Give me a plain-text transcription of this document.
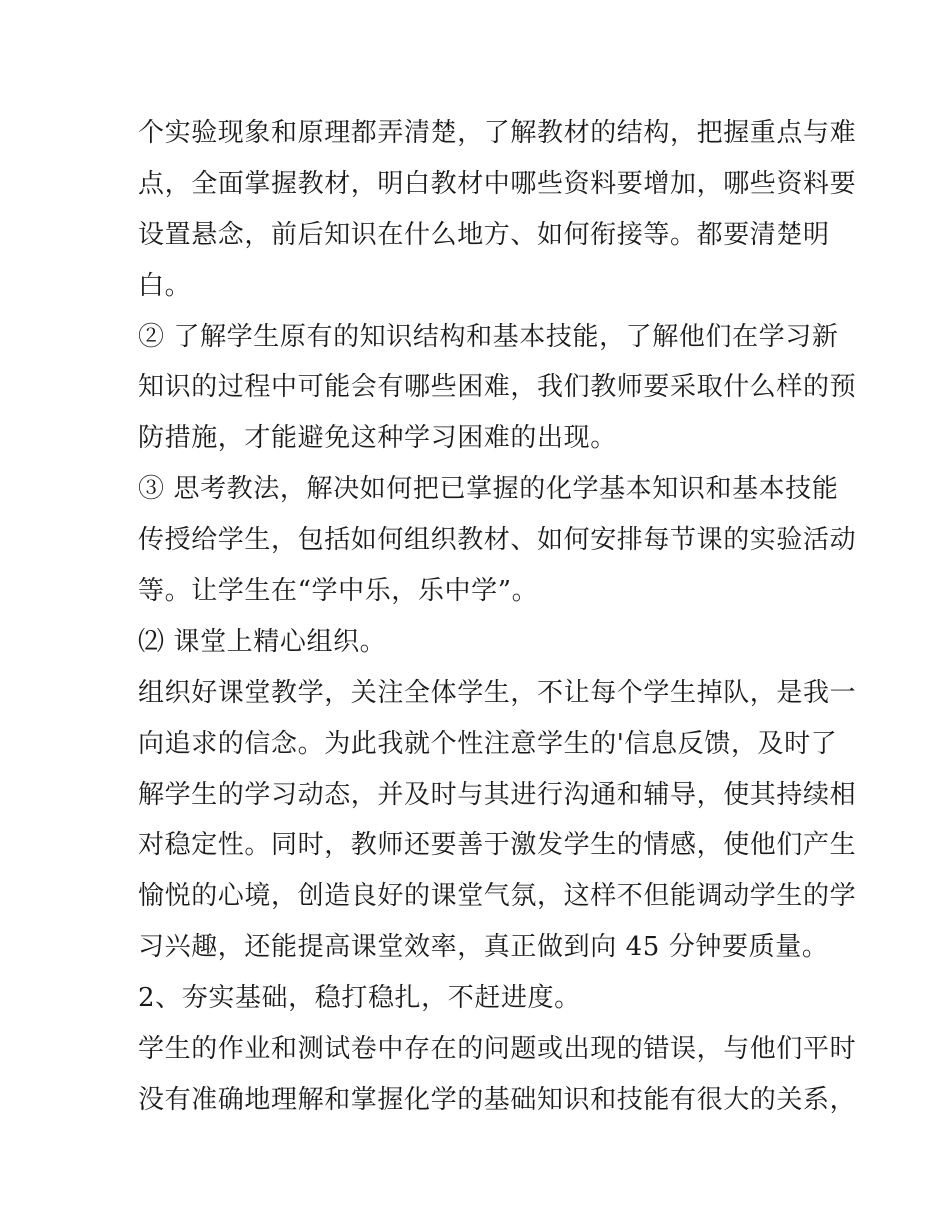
个实验现象和原理都弄清楚，了解教材的结构，把握重点与难
点，全面掌握教材，明白教材中哪些资料要增加，哪些资料要
设置悬念，前后知识在什么地方、如何衔接等。都要清楚明
白。
② 了解学生原有的知识结构和基本技能，了解他们在学习新
知识的过程中可能会有哪些困难，我们教师要采取什么样的预
防措施，才能避免这种学习困难的出现。
③ 思考教法，解决如何把已掌握的化学基本知识和基本技能
传授给学生，包括如何组织教材、如何安排每节课的实验活动
等。让学生在“学中乐，乐中学”。
⑵ 课堂上精心组织。
组织好课堂教学，关注全体学生，不让每个学生掉队，是我一
向追求的信念。为此我就个性注意学生的'信息反馈，及时了
解学生的学习动态，并及时与其进行沟通和辅导，使其持续相
对稳定性。同时，教师还要善于激发学生的情感，使他们产生
愉悦的心境，创造良好的课堂气氛，这样不但能调动学生的学
习兴趣，还能提高课堂效率，真正做到向 45 分钟要质量。
2、夯实基础，稳打稳扎，不赶进度。
学生的作业和测试卷中存在的问题或出现的错误，与他们平时
没有准确地理解和掌握化学的基础知识和技能有很大的关系，
